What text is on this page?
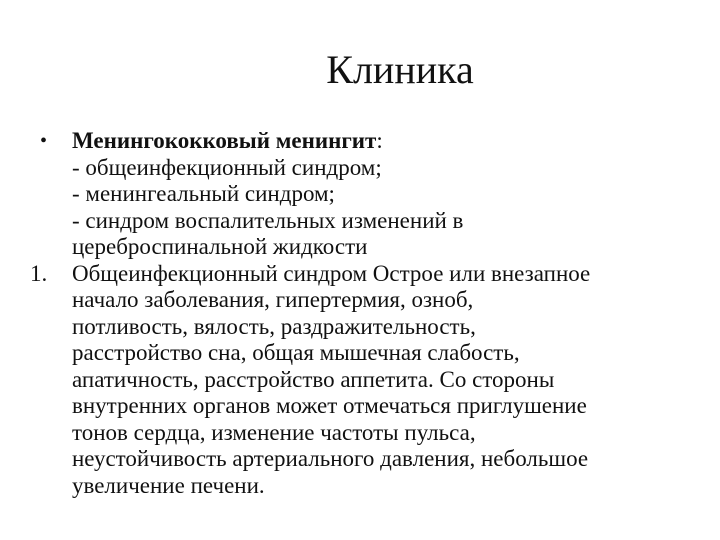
Клиника
•	Менингококковый менингит:
- общеинфекционный синдром;
- менингеальный синдром;
- синдром воспалительных изменений в
цереброспинальной жидкости
1.	Общеинфекционный синдром Острое или внезапное
начало заболевания, гипертермия, озноб,
потливость, вялость, раздражительность,
расстройство сна, общая мышечная слабость,
апатичность, расстройство аппетита. Со стороны
внутренних органов может отмечаться приглушение
тонов сердца, изменение частоты пульса,
неустойчивость артериального давления, небольшое
увеличение печени.
